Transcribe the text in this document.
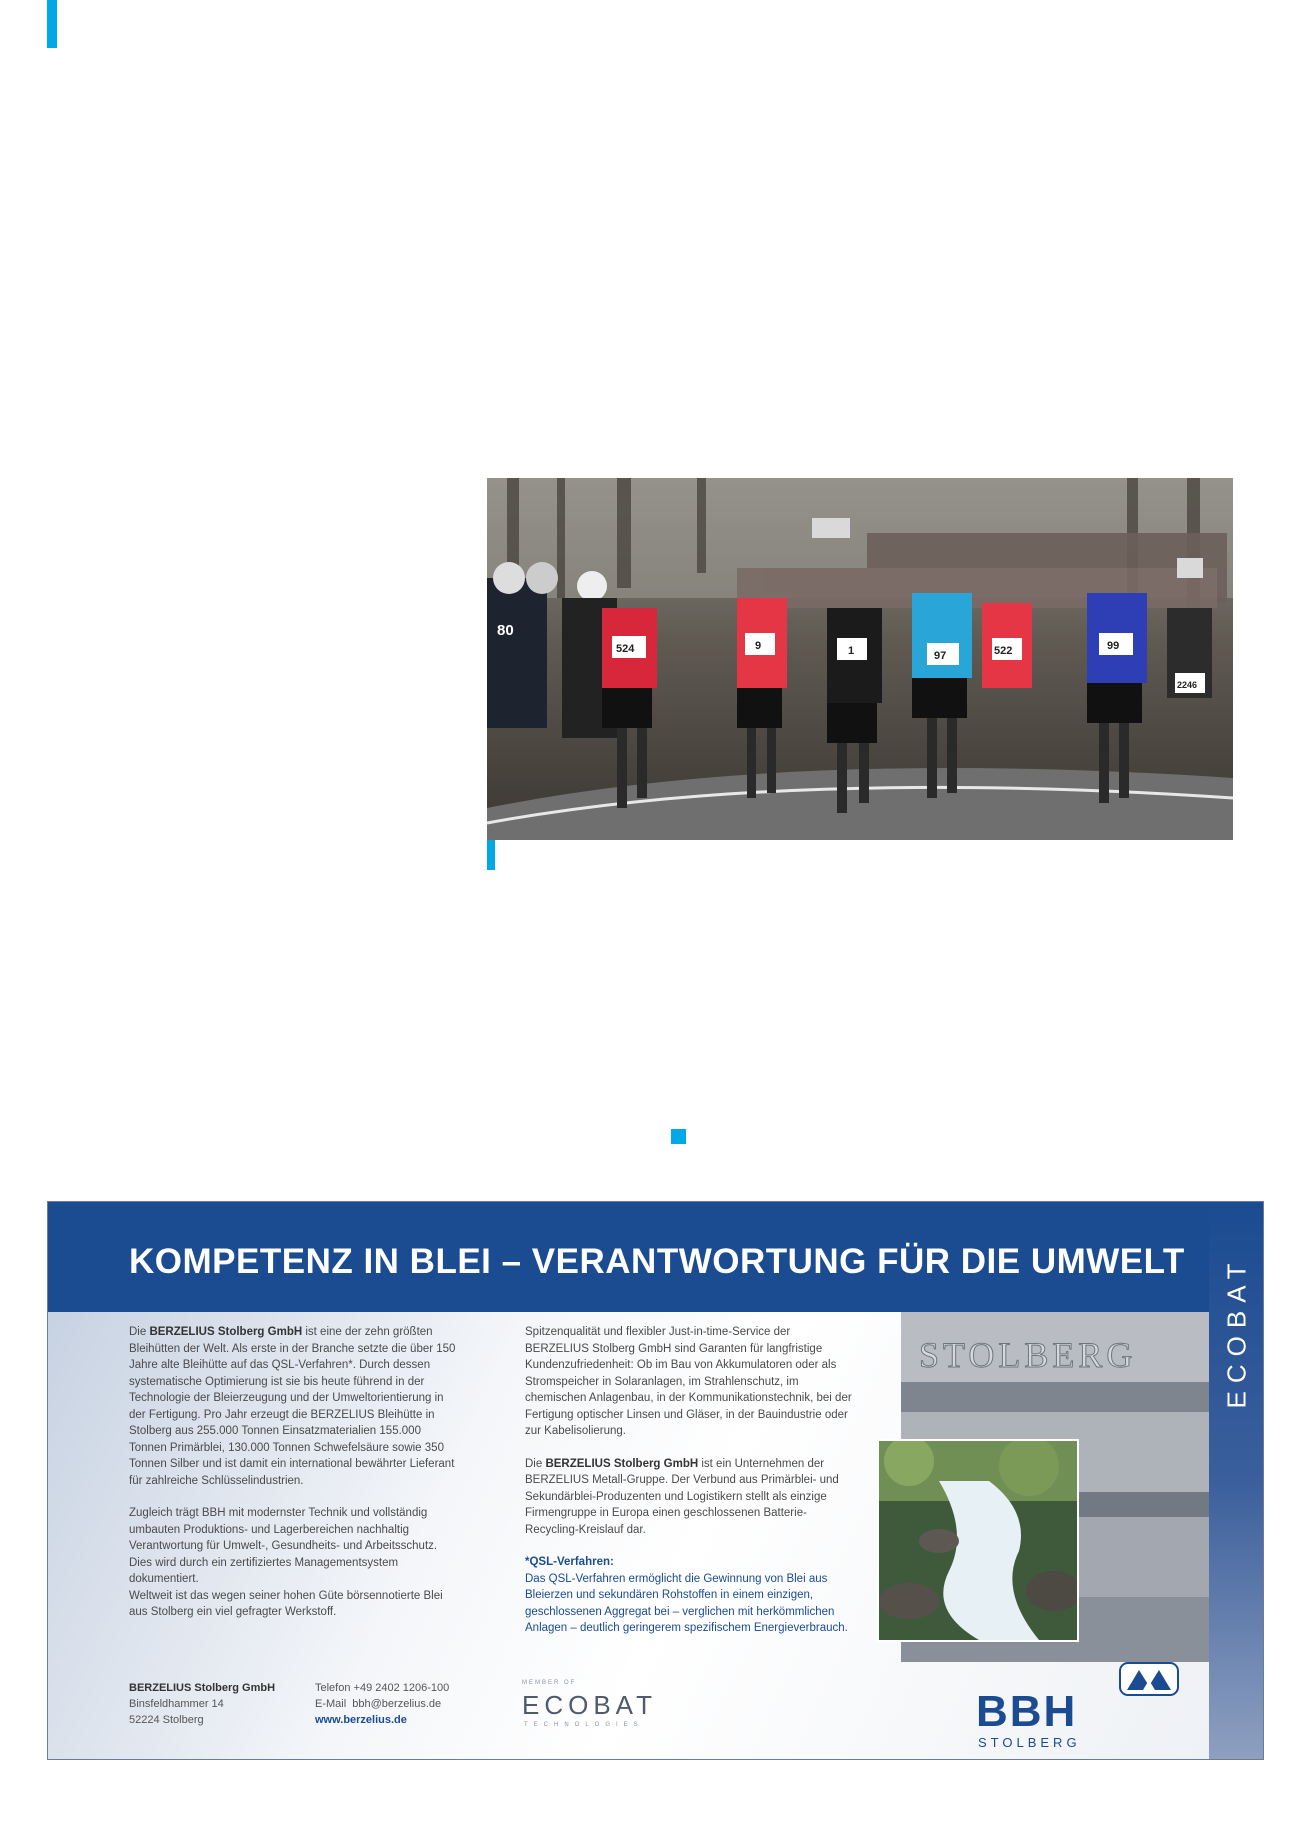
524	9	1	97	522	99
2246
80
KOMPETENZ IN BLEI – VERANTWORTUNG FÜR DIE UMWELT ECOBAT

Die BERZELIUS Stolberg GmbH ist eine der zehn größten Bleihütten der Welt. Als erste in der Branche setzte die über 150 Jahre alte Bleihütte auf das QSL-Verfahren*. Durch dessen systematische Optimierung ist sie bis heute führend in der Technologie der Bleierzeugung und der Umweltorientierung in der Fertigung. Pro Jahr erzeugt die BERZELIUS Bleihütte in Stolberg aus 255.000 Tonnen Einsatzmaterialien 155.000 Tonnen Primärblei, 130.000 Tonnen Schwefelsäure sowie 350 Tonnen Silber und ist damit ein international bewährter Lieferant für zahlreiche Schlüsselindustrien.

Zugleich trägt BBH mit modernster Technik und vollständig umbauten Produktions- und Lagerbereichen nachhaltig Verantwortung für Umwelt-, Gesundheits- und Arbeitsschutz. Dies wird durch ein zertifiziertes Managementsystem dokumentiert.

Weltweit ist das wegen seiner hohen Güte börsennotierte Blei aus Stolberg ein viel gefragter Werkstoff.

Spitzenqualität und flexibler Just-in-time-Service der BERZELIUS Stolberg GmbH sind Garanten für langfristige Kundenzufriedenheit: Ob im Bau von Akkumulatoren oder als Stromspeicher in Solaranlagen, im Strahlenschutz, im chemischen Anlagenbau, in der Kommunikationstechnik, bei der Fertigung optischer Linsen und Gläser, in der Bauindustrie oder zur Kabelisolierung.

Die BERZELIUS Stolberg GmbH ist ein Unternehmen der BERZELIUS Metall-Gruppe. Der Verbund aus Primärblei- und Sekundärblei-Produzenten und Logistikern stellt als einzige Firmengruppe in Europa einen geschlossenen Batterie-Recycling-Kreislauf dar.

*QSL-Verfahren:
Das QSL-Verfahren ermöglicht die Gewinnung von Blei aus Bleierzen und sekundären Rohstoffen in einem einzigen, geschlossenen Aggregat bei – verglichen mit herkömmlichen Anlagen – deutlich geringerem spezifischem Energieverbrauch.
STOLBERG
BERZELIUS Stolberg GmbH
Binsfeldhammer 14
52224 Stolberg
Telefon +49 2402 1206-100
E-Mail  bbh@berzelius.de
www.berzelius.de
MEMBER OF
ECOBAT
TECHNOLOGIES	BBH
STOLBERG
